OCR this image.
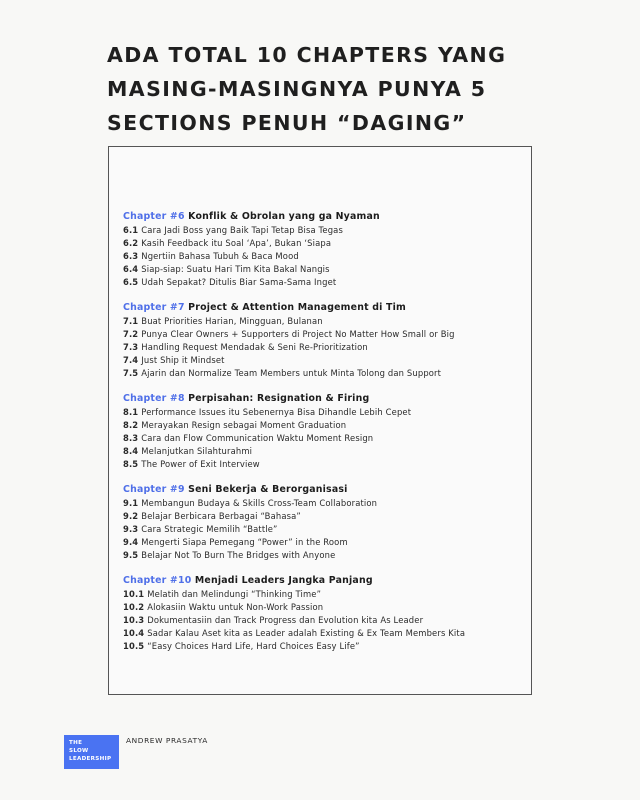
ADA TOTAL 10 CHAPTERS YANG
MASING-MASINGNYA PUNYA 5
SECTIONS PENUH “DAGING”
Chapter #6 Konflik & Obrolan yang ga Nyaman
6.1 Cara Jadi Boss yang Baik Tapi Tetap Bisa Tegas
6.2 Kasih Feedback itu Soal ‘Apa’, Bukan ‘Siapa
6.3 Ngertiin Bahasa Tubuh & Baca Mood
6.4 Siap-siap: Suatu Hari Tim Kita Bakal Nangis
6.5 Udah Sepakat? Ditulis Biar Sama-Sama Inget
Chapter #7 Project & Attention Management di Tim
7.1 Buat Priorities Harian, Mingguan, Bulanan
7.2 Punya Clear Owners + Supporters di Project No Matter How Small or Big
7.3 Handling Request Mendadak & Seni Re-Prioritization
7.4 Just Ship it Mindset
7.5 Ajarin dan Normalize Team Members untuk Minta Tolong dan Support
Chapter #8 Perpisahan: Resignation & Firing
8.1 Performance Issues itu Sebenernya Bisa Dihandle Lebih Cepet
8.2 Merayakan Resign sebagai Moment Graduation
8.3 Cara dan Flow Communication Waktu Moment Resign
8.4 Melanjutkan Silahturahmi
8.5 The Power of Exit Interview
Chapter #9 Seni Bekerja & Berorganisasi
9.1 Membangun Budaya & Skills Cross-Team Collaboration
9.2 Belajar Berbicara Berbagai “Bahasa”
9.3 Cara Strategic Memilih “Battle”
9.4 Mengerti Siapa Pemegang “Power” in the Room
9.5 Belajar Not To Burn The Bridges with Anyone
Chapter #10 Menjadi Leaders Jangka Panjang
10.1 Melatih dan Melindungi “Thinking Time”
10.2 Alokasiin Waktu untuk Non-Work Passion
10.3 Dokumentasiin dan Track Progress dan Evolution kita As Leader
10.4 Sadar Kalau Aset kita as Leader adalah Existing & Ex Team Members Kita
10.5 “Easy Choices Hard Life, Hard Choices Easy Life”
THE
SLOW
LEADERSHIP
ANDREW PRASATYA
